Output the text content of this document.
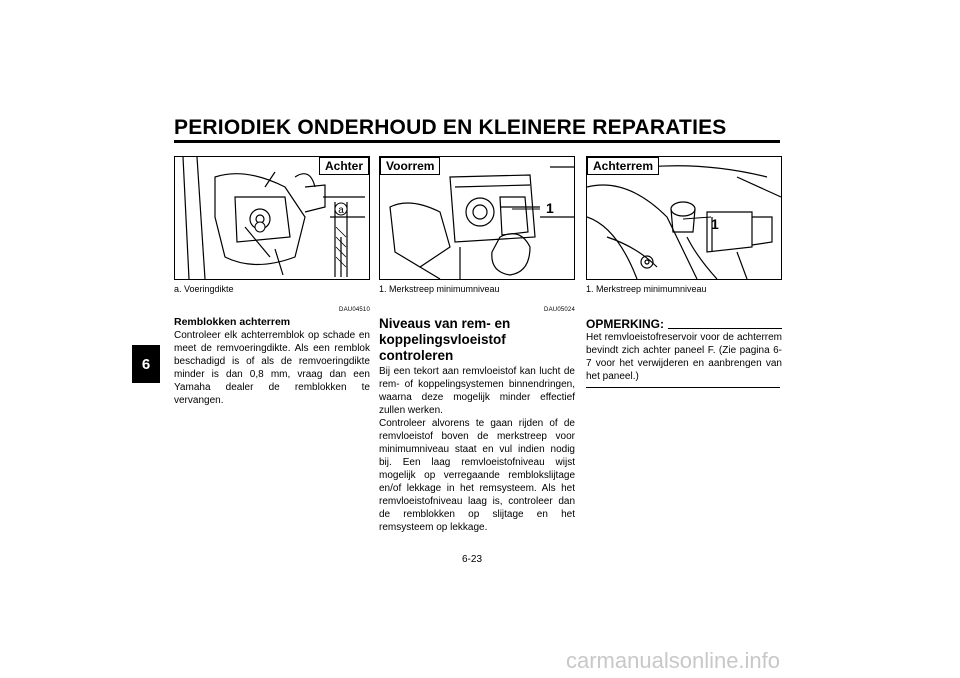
PERIODIEK ONDERHOUD EN KLEINERE REPARATIES
6
a
Achter
a. Voeringdikte
DAU04510
Remblokken achterrem

Controleer elk achterremblok op schade en meet de remvoeringdikte. Als een remblok beschadigd is of als de remvoeringdikte minder is dan 0,8 mm, vraag dan een Yamaha dealer de remblokken te vervangen.

1
Voorrem
1. Merkstreep minimumniveau
DAU05024
Niveaus van rem- en koppelingsvloeistof controleren

Bij een tekort aan remvloeistof kan lucht de rem- of koppelingsystemen binnendringen, waarna deze mogelijk minder effectief zullen werken.

Controleer alvorens te gaan rijden of de remvloeistof boven de merkstreep voor minimumniveau staat en vul indien nodig bij. Een laag remvloeistofniveau wijst mogelijk op verregaande remblokslijtage en/of lekkage in het remsysteem. Als het remvloeistofniveau laag is, controleer dan de remblokken op slijtage en het remsysteem op lekkage.

1
Achterrem
1. Merkstreep minimumniveau
OPMERKING:

Het remvloeistofreservoir voor de achterrem bevindt zich achter paneel F. (Zie pagina 6-7 voor het verwijderen en aanbrengen van het paneel.)

6-23
carmanualsonline.info
